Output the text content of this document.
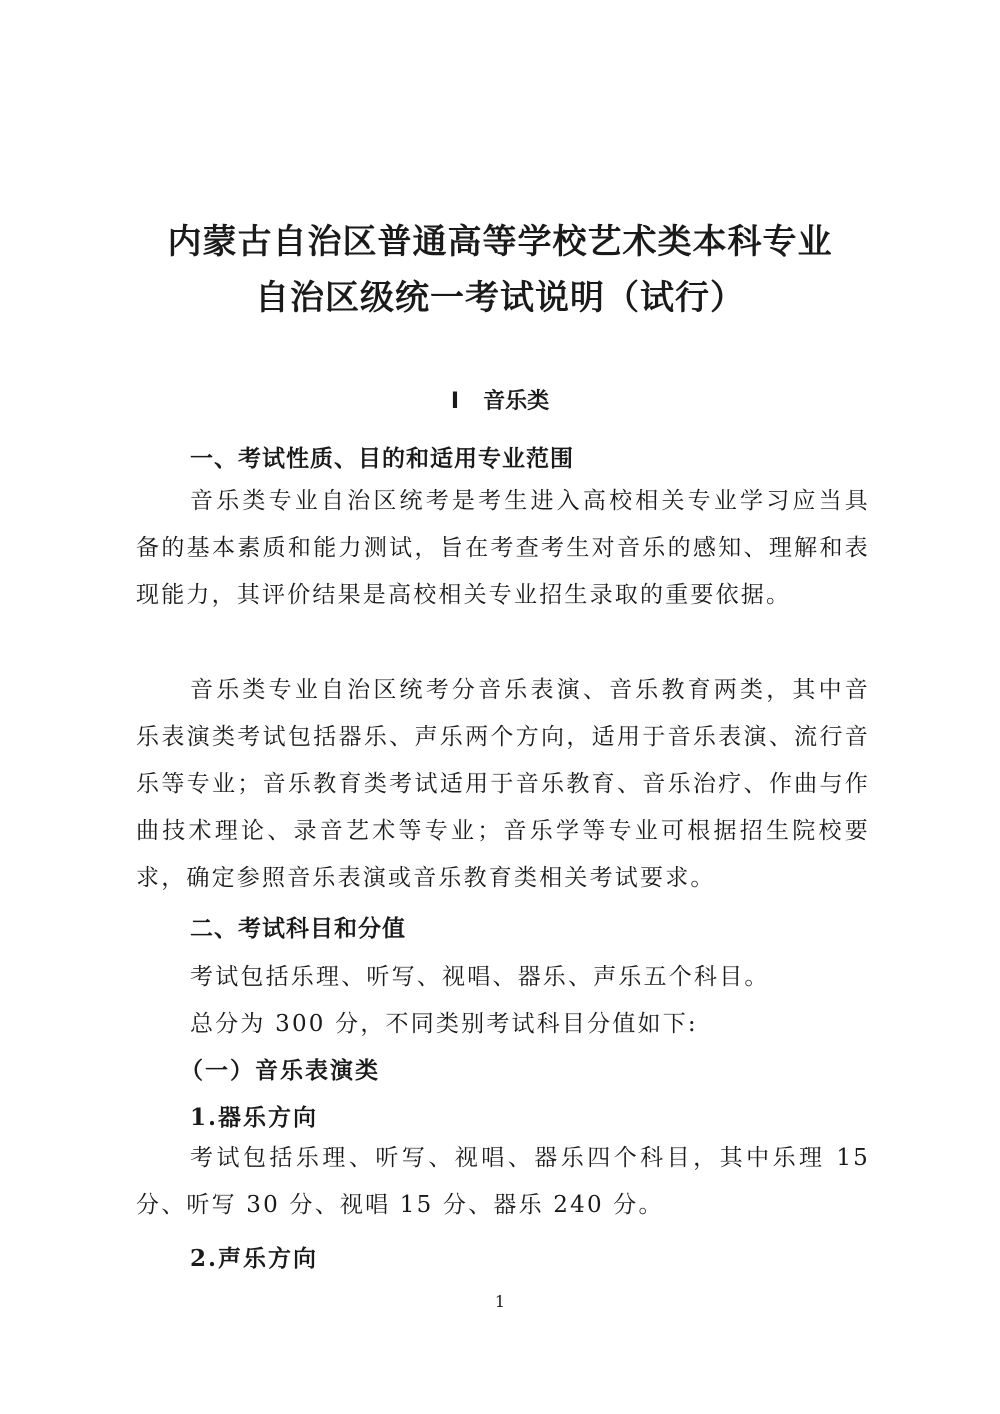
内蒙古自治区普通高等学校艺术类本科专业
自治区级统一考试说明（试行）
Ⅰ 音乐类
一、考试性质、目的和适用专业范围

音乐类专业自治区统考是考生进入高校相关专业学习应当具备的基本素质和能力测试，旨在考查考生对音乐的感知、理解和表现能力，其评价结果是高校相关专业招生录取的重要依据。

音乐类专业自治区统考分音乐表演、音乐教育两类，其中音乐表演类考试包括器乐、声乐两个方向，适用于音乐表演、流行音乐等专业；音乐教育类考试适用于音乐教育、音乐治疗、作曲与作曲技术理论、录音艺术等专业；音乐学等专业可根据招生院校要求，确定参照音乐表演或音乐教育类相关考试要求。

二、考试科目和分值
考试包括乐理、听写、视唱、器乐、声乐五个科目。
总分为 300 分，不同类别考试科目分值如下:
（一）音乐表演类
1.器乐方向

考试包括乐理、听写、视唱、器乐四个科目，其中乐理 15 分、听写 30 分、视唱 15 分、器乐 240 分。

2.声乐方向
1
